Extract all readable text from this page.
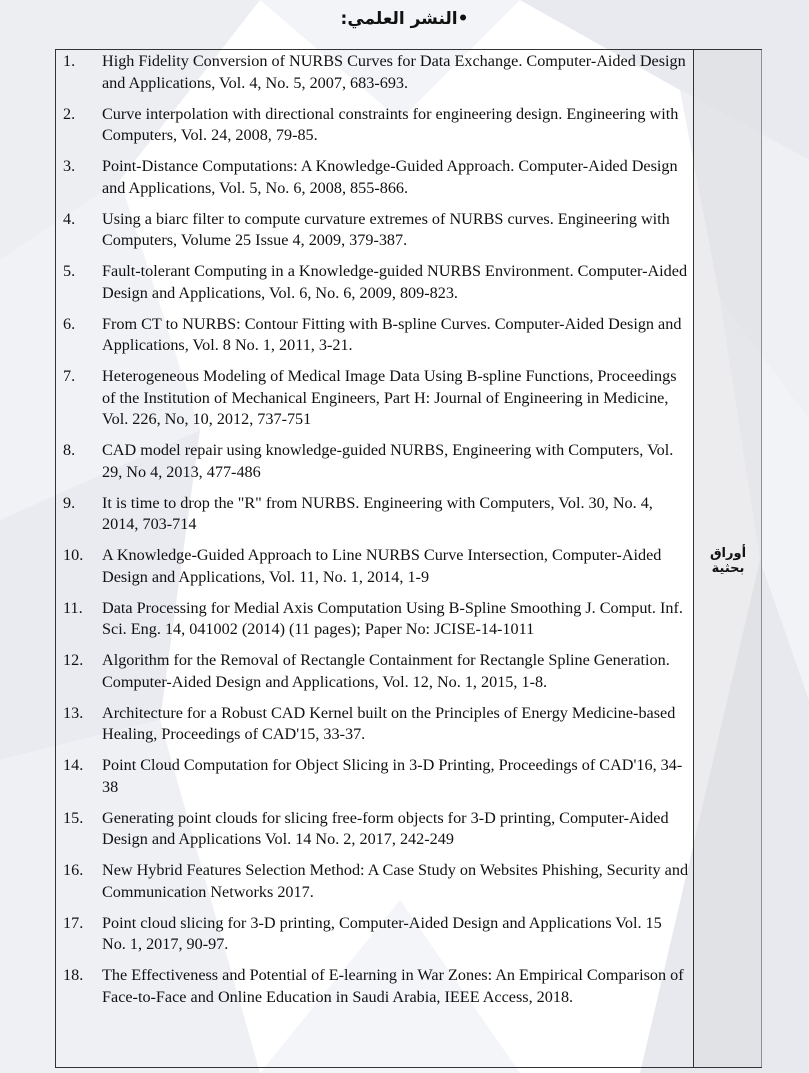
•النشر العلمي:
أوراق بحثية
1. High Fidelity Conversion of NURBS Curves for Data Exchange. Computer-Aided Design and Applications, Vol. 4, No. 5, 2007, 683-693.
2. Curve interpolation with directional constraints for engineering design. Engineering with Computers, Vol. 24, 2008, 79-85.
3. Point-Distance Computations: A Knowledge-Guided Approach. Computer-Aided Design and Applications, Vol. 5, No. 6, 2008, 855-866.
4. Using a biarc filter to compute curvature extremes of NURBS curves. Engineering with Computers, Volume 25 Issue 4, 2009, 379-387.
5. Fault-tolerant Computing in a Knowledge-guided NURBS Environment. Computer-Aided Design and Applications, Vol. 6, No. 6, 2009, 809-823.
6. From CT to NURBS: Contour Fitting with B-spline Curves. Computer-Aided Design and Applications, Vol. 8 No. 1, 2011, 3-21.
7. Heterogeneous Modeling of Medical Image Data Using B-spline Functions, Proceedings of the Institution of Mechanical Engineers, Part H: Journal of Engineering in Medicine, Vol. 226, No, 10, 2012, 737-751
8. CAD model repair using knowledge-guided NURBS, Engineering with Computers, Vol. 29, No 4, 2013, 477-486
9. It is time to drop the "R" from NURBS. Engineering with Computers, Vol. 30, No. 4, 2014, 703-714
10. A Knowledge-Guided Approach to Line NURBS Curve Intersection, Computer-Aided Design and Applications, Vol. 11, No. 1, 2014, 1-9
11. Data Processing for Medial Axis Computation Using B-Spline Smoothing J. Comput. Inf. Sci. Eng. 14, 041002 (2014) (11 pages); Paper No: JCISE-14-1011
12. Algorithm for the Removal of Rectangle Containment for Rectangle Spline Generation. Computer-Aided Design and Applications, Vol. 12, No. 1, 2015, 1-8.
13. Architecture for a Robust CAD Kernel built on the Principles of Energy Medicine-based Healing, Proceedings of CAD'15, 33-37.
14. Point Cloud Computation for Object Slicing in 3-D Printing, Proceedings of CAD'16, 34-38
15. Generating point clouds for slicing free-form objects for 3-D printing, Computer-Aided Design and Applications Vol. 14 No. 2, 2017, 242-249
16. New Hybrid Features Selection Method: A Case Study on Websites Phishing, Security and Communication Networks 2017.
17. Point cloud slicing for 3-D printing, Computer-Aided Design and Applications Vol. 15 No. 1, 2017, 90-97.
18. The Effectiveness and Potential of E-learning in War Zones: An Empirical Comparison of Face-to-Face and Online Education in Saudi Arabia, IEEE Access, 2018.
